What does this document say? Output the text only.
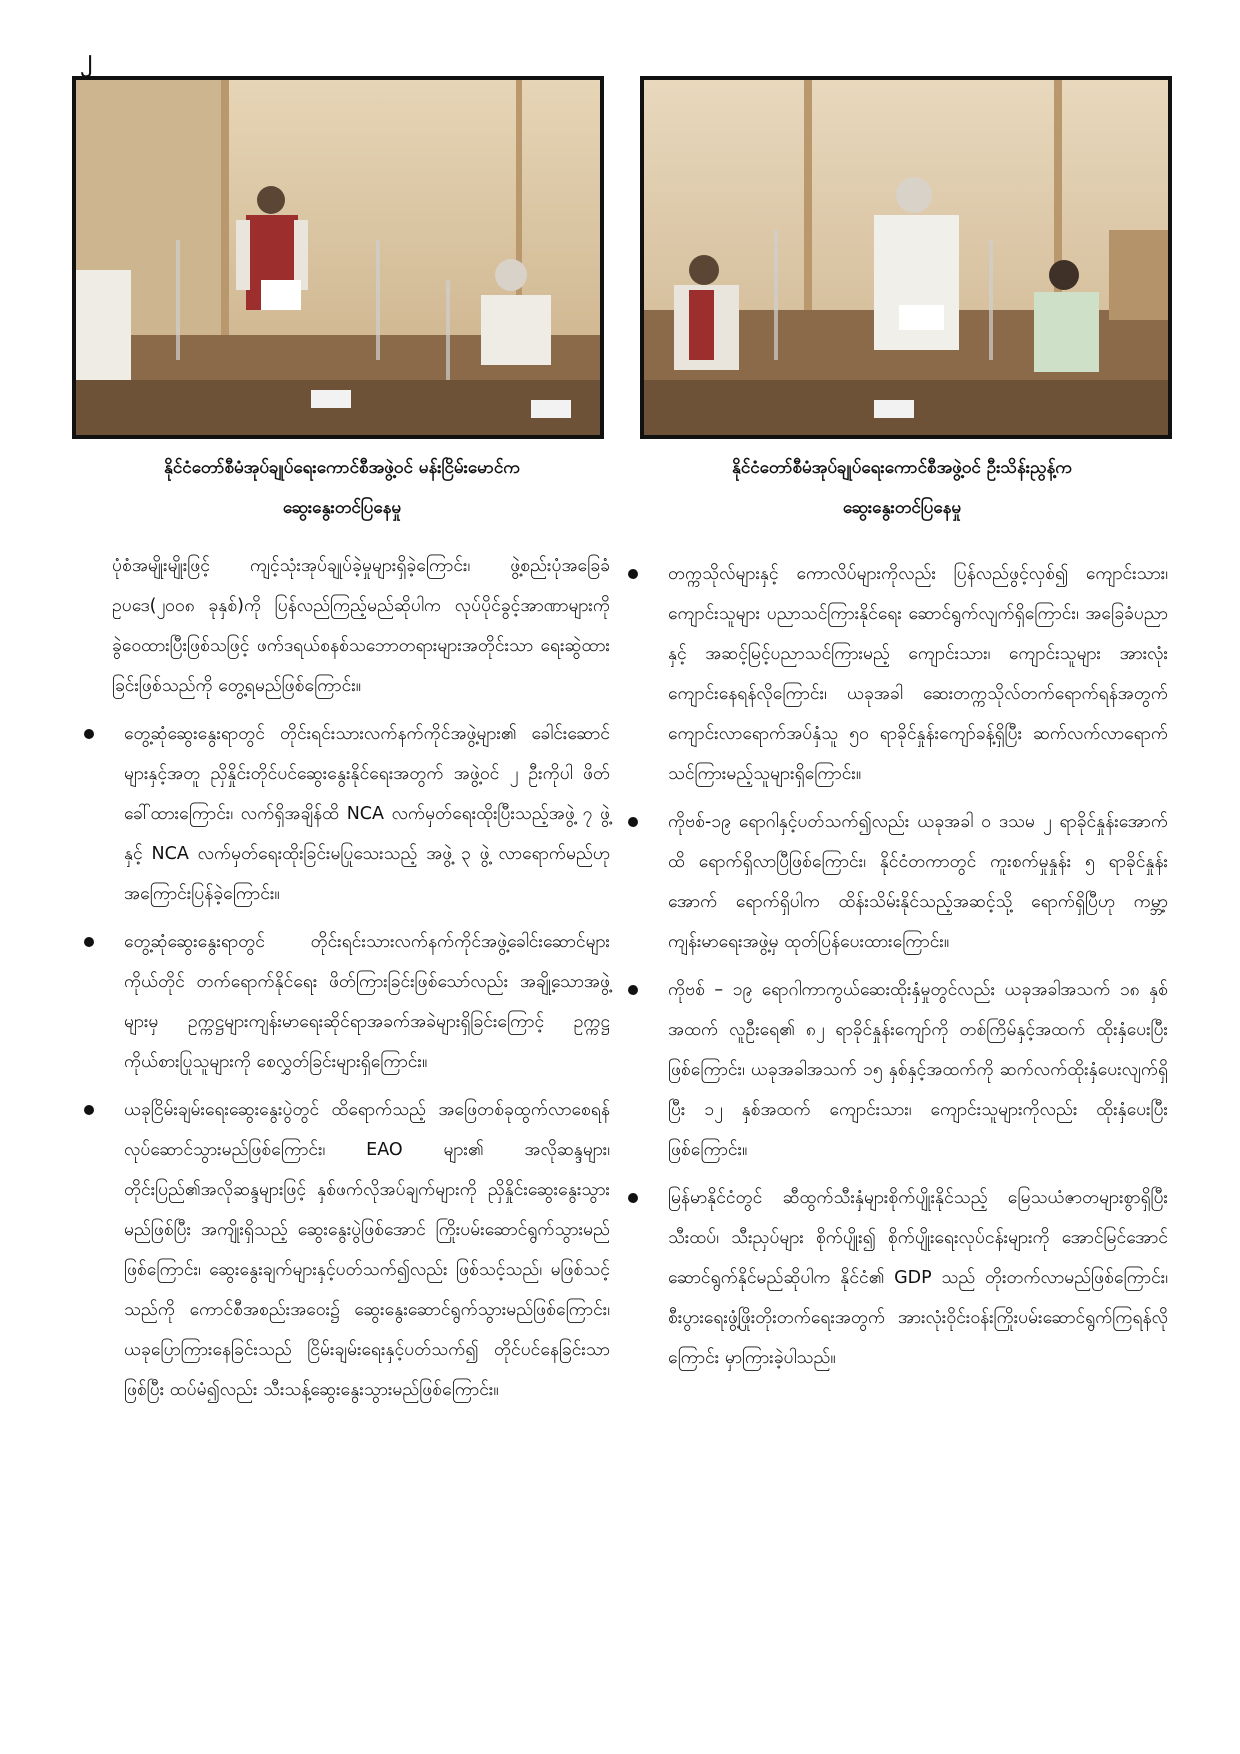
၂
နိုင်ငံတော်စီမံအုပ်ချုပ်ရေးကောင်စီအဖွဲ့ဝင် မန်းငြိမ်းမောင်က
ဆွေးနွေးတင်ပြနေမှု
နိုင်ငံတော်စီမံအုပ်ချုပ်ရေးကောင်စီအဖွဲ့ဝင် ဦးသိန်းညွန့်က
ဆွေးနွေးတင်ပြနေမှု

ပုံစံအမျိုးမျိုးဖြင့် ကျင့်သုံးအုပ်ချုပ်ခဲ့မှုများရှိခဲ့ကြောင်း၊ ဖွဲ့စည်းပုံအခြေခံဥပဒေ(၂၀၀၈ ခုနှစ်)ကို ပြန်လည်ကြည့်မည်ဆိုပါက လုပ်ပိုင်ခွင့်အာဏာများကို ခွဲဝေထားပြီးဖြစ်သဖြင့် ဖက်ဒရယ်စနစ်သဘောတရားများအတိုင်းသာ ရေးဆွဲထားခြင်းဖြစ်သည်ကို တွေ့ရမည်ဖြစ်ကြောင်း။

တွေ့ဆုံဆွေးနွေးရာတွင် တိုင်းရင်းသားလက်နက်ကိုင်အဖွဲ့များ၏ ခေါင်းဆောင်များနှင့်အတူ ညှိနှိုင်းတိုင်ပင်ဆွေးနွေးနိုင်ရေးအတွက် အဖွဲ့ဝင် ၂ ဦးကိုပါ ဖိတ်ခေါ်ထားကြောင်း၊ လက်ရှိအချိန်ထိ NCA လက်မှတ်ရေးထိုးပြီးသည့်အဖွဲ့ ၇ ဖွဲ့နှင့် NCA လက်မှတ်ရေးထိုးခြင်းမပြုသေးသည့် အဖွဲ့ ၃ ဖွဲ့ လာရောက်မည်ဟု အကြောင်းပြန်ခဲ့ကြောင်း။
တွေ့ဆုံဆွေးနွေးရာတွင် တိုင်းရင်းသားလက်နက်ကိုင်အဖွဲ့ခေါင်းဆောင်များကိုယ်တိုင် တက်ရောက်နိုင်ရေး ဖိတ်ကြားခြင်းဖြစ်သော်လည်း အချို့သောအဖွဲ့များမှ ဥက္ကဋ္ဌများကျန်းမာရေးဆိုင်ရာအခက်အခဲများရှိခြင်းကြောင့် ဥက္ကဋ္ဌကိုယ်စားပြုသူများကို စေလွှတ်ခြင်းများရှိကြောင်း။
ယခုငြိမ်းချမ်းရေးဆွေးနွေးပွဲတွင် ထိရောက်သည့် အဖြေတစ်ခုထွက်လာစေရန် လုပ်ဆောင်သွားမည်ဖြစ်ကြောင်း၊ EAO များ၏ အလိုဆန္ဒများ၊ တိုင်းပြည်၏အလိုဆန္ဒများဖြင့် နှစ်ဖက်လိုအပ်ချက်များကို ညှိနှိုင်းဆွေးနွေးသွားမည်ဖြစ်ပြီး အကျိုးရှိသည့် ဆွေးနွေးပွဲဖြစ်အောင် ကြိုးပမ်းဆောင်ရွက်သွားမည်ဖြစ်ကြောင်း၊ ဆွေးနွေးချက်များနှင့်ပတ်သက်၍လည်း ဖြစ်သင့်သည်၊ မဖြစ်သင့်သည်ကို ကောင်စီအစည်းအဝေး၌ ဆွေးနွေးဆောင်ရွက်သွားမည်ဖြစ်ကြောင်း၊ ယခုပြောကြားနေခြင်းသည် ငြိမ်းချမ်းရေးနှင့်ပတ်သက်၍ တိုင်ပင်နေခြင်းသာဖြစ်ပြီး ထပ်မံ၍လည်း သီးသန့်ဆွေးနွေးသွားမည်ဖြစ်ကြောင်း။
တက္ကသိုလ်များနှင့် ကောလိပ်များကိုလည်း ပြန်လည်ဖွင့်လှစ်၍ ကျောင်းသား၊ ကျောင်းသူများ ပညာသင်ကြားနိုင်ရေး ဆောင်ရွက်လျက်ရှိကြောင်း၊ အခြေခံပညာနှင့် အဆင့်မြင့်ပညာသင်ကြားမည့် ကျောင်းသား၊ ကျောင်းသူများ အားလုံး ကျောင်းနေရန်လိုကြောင်း၊ ယခုအခါ ဆေးတက္ကသိုလ်တက်ရောက်ရန်အတွက် ကျောင်းလာရောက်အပ်နှံသူ ၅၀ ရာခိုင်နှုန်းကျော်ခန့်ရှိပြီး ဆက်လက်လာရောက်သင်ကြားမည့်သူများရှိကြောင်း။
ကိုဗစ်-၁၉ ရောဂါနှင့်ပတ်သက်၍လည်း ယခုအခါ ၀ ဒသမ ၂ ရာခိုင်နှုန်းအောက်ထိ ရောက်ရှိလာပြီဖြစ်ကြောင်း၊ နိုင်ငံတကာတွင် ကူးစက်မှုနှုန်း ၅ ရာခိုင်နှုန်းအောက် ရောက်ရှိပါက ထိန်းသိမ်းနိုင်သည့်အဆင့်သို့ ရောက်ရှိပြီဟု ကမ္ဘာ့ကျန်းမာရေးအဖွဲ့မှ ထုတ်ပြန်ပေးထားကြောင်း။
ကိုဗစ် – ၁၉ ရောဂါကာကွယ်ဆေးထိုးနှံမှုတွင်လည်း ယခုအခါအသက် ၁၈ နှစ်အထက် လူဦးရေ၏ ၈၂ ရာခိုင်နှုန်းကျော်ကို တစ်ကြိမ်နှင့်အထက် ထိုးနှံပေးပြီးဖြစ်ကြောင်း၊ ယခုအခါအသက် ၁၅ နှစ်နှင့်အထက်ကို ဆက်လက်ထိုးနှံပေးလျက်ရှိပြီး ၁၂ နှစ်အထက် ကျောင်းသား၊ ကျောင်းသူများကိုလည်း ထိုးနှံပေးပြီးဖြစ်ကြောင်း။
မြန်မာနိုင်ငံတွင် ဆီထွက်သီးနှံများစိုက်ပျိုးနိုင်သည့် မြေသယံဇာတများစွာရှိပြီး သီးထပ်၊ သီးညှပ်များ စိုက်ပျိုး၍ စိုက်ပျိုးရေးလုပ်ငန်းများကို အောင်မြင်အောင် ဆောင်ရွက်နိုင်မည်ဆိုပါက နိုင်ငံ၏ GDP သည် တိုးတက်လာမည်ဖြစ်ကြောင်း၊ စီးပွားရေးဖွံ့ဖြိုးတိုးတက်ရေးအတွက် အားလုံးဝိုင်းဝန်းကြိုးပမ်းဆောင်ရွက်ကြရန်လိုကြောင်း မှာကြားခဲ့ပါသည်။
